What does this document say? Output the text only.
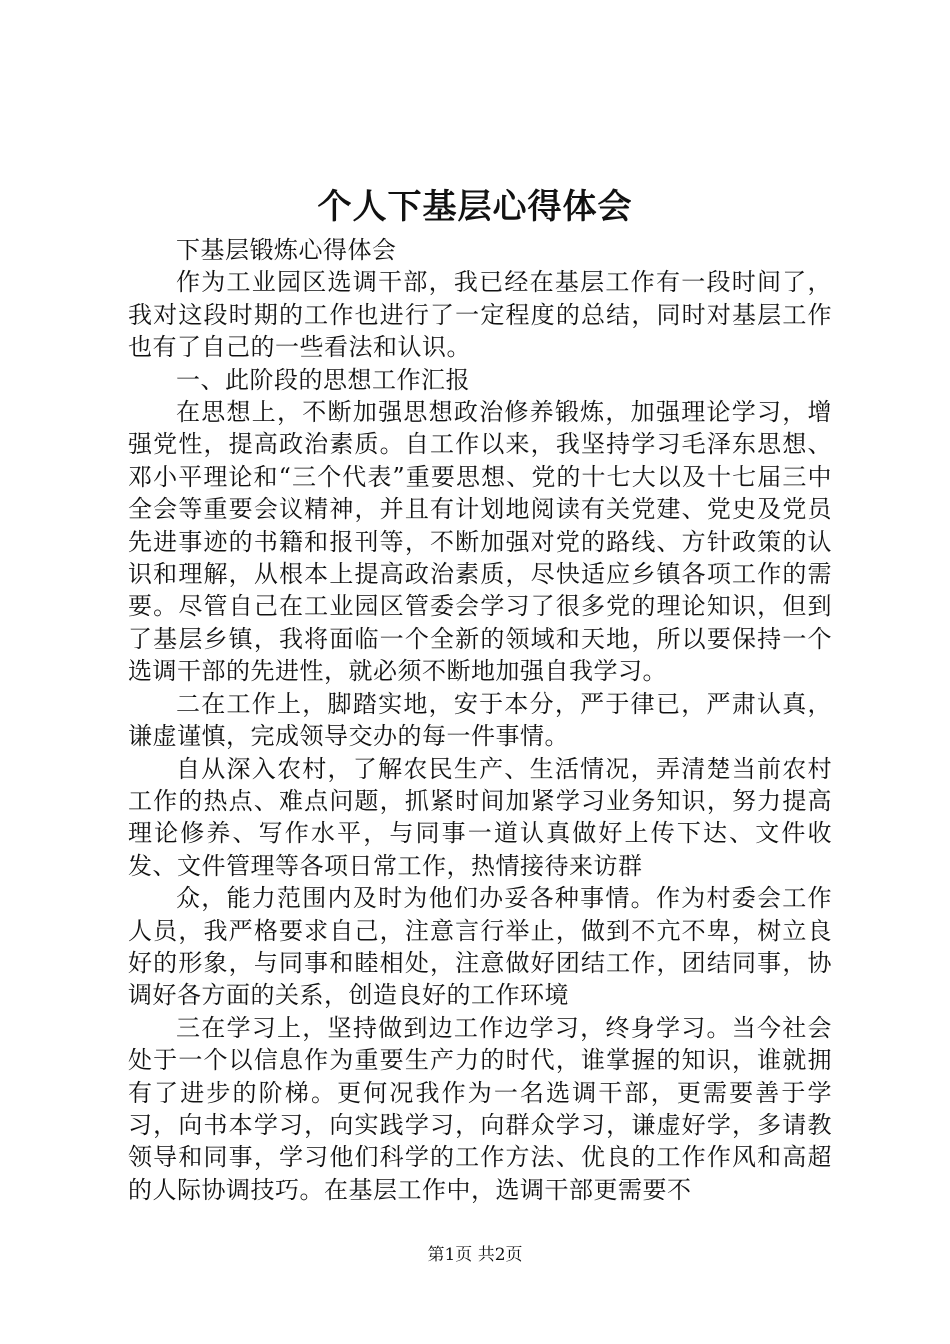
个人下基层心得体会

下基层锻炼心得体会

作为工业园区选调干部，我已经在基层工作有一段时间了，我对这段时期的工作也进行了一定程度的总结，同时对基层工作也有了自己的一些看法和认识。

一、此阶段的思想工作汇报

在思想上，不断加强思想政治修养锻炼，加强理论学习，增强党性，提高政治素质。自工作以来，我坚持学习毛泽东思想、邓小平理论和“三个代表”重要思想、党的十七大以及十七届三中全会等重要会议精神，并且有计划地阅读有关党建、党史及党员先进事迹的书籍和报刊等，不断加强对党的路线、方针政策的认识和理解，从根本上提高政治素质，尽快适应乡镇各项工作的需要。尽管自己在工业园区管委会学习了很多党的理论知识，但到了基层乡镇，我将面临一个全新的领域和天地，所以要保持一个选调干部的先进性，就必须不断地加强自我学习。

二在工作上，脚踏实地，安于本分，严于律已，严肃认真，谦虚谨慎，完成领导交办的每一件事情。

自从深入农村，了解农民生产、生活情况，弄清楚当前农村工作的热点、难点问题，抓紧时间加紧学习业务知识，努力提高理论修养、写作水平，与同事一道认真做好上传下达、文件收发、文件管理等各项日常工作，热情接待来访群

众，能力范围内及时为他们办妥各种事情。作为村委会工作人员，我严格要求自己，注意言行举止，做到不亢不卑，树立良好的形象，与同事和睦相处，注意做好团结工作，团结同事，协调好各方面的关系，创造良好的工作环境

三在学习上，坚持做到边工作边学习，终身学习。当今社会处于一个以信息作为重要生产力的时代，谁掌握的知识，谁就拥有了进步的阶梯。更何况我作为一名选调干部，更需要善于学习，向书本学习，向实践学习，向群众学习，谦虚好学，多请教领导和同事，学习他们科学的工作方法、优良的工作作风和高超的人际协调技巧。在基层工作中，选调干部更需要不

第1页 共2页
